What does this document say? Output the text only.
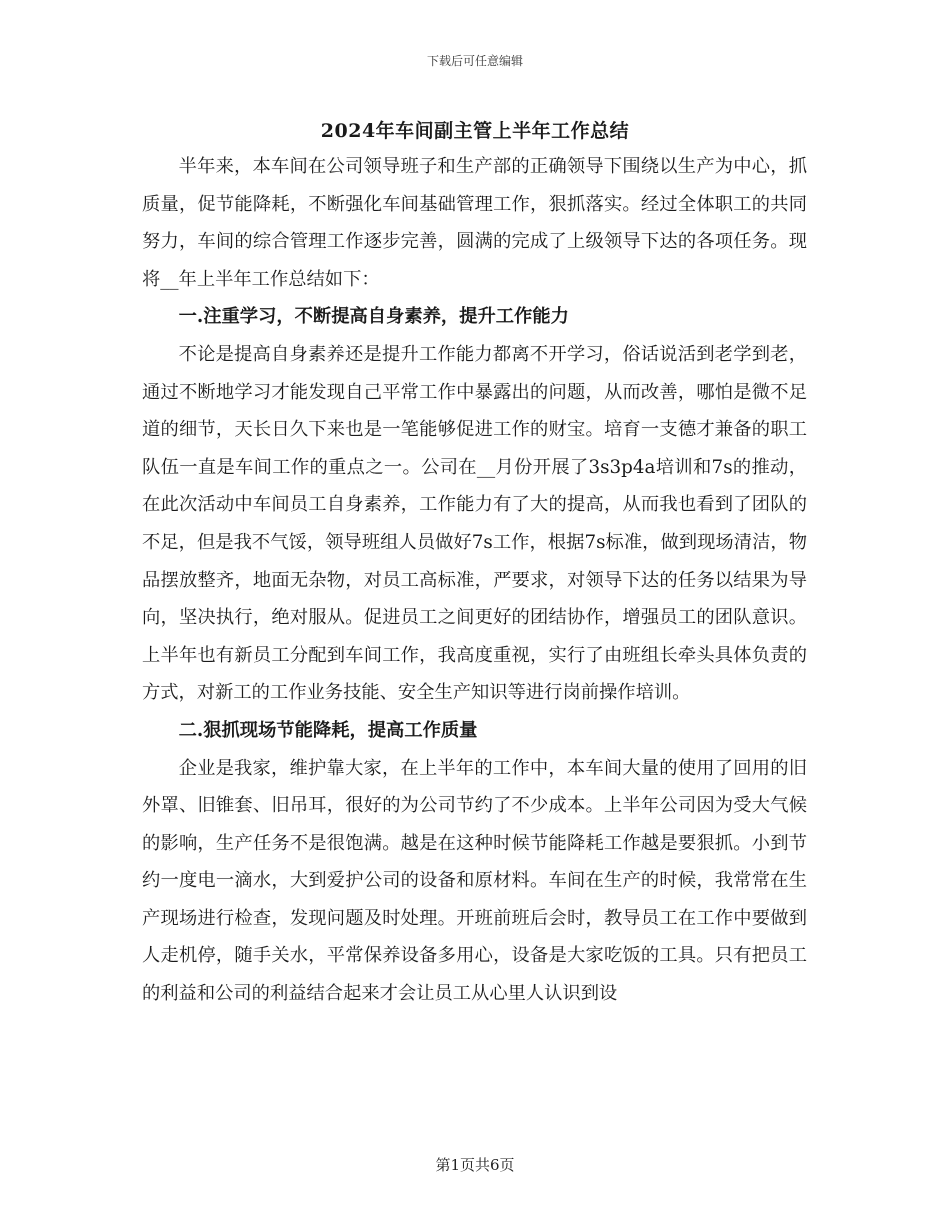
下载后可任意编辑
2024年车间副主管上半年工作总结

半年来，本车间在公司领导班子和生产部的正确领导下围绕以生产为中心，抓质量，促节能降耗，不断强化车间基础管理工作，狠抓落实。经过全体职工的共同努力，车间的综合管理工作逐步完善，圆满的完成了上级领导下达的各项任务。现将__年上半年工作总结如下：

一.注重学习，不断提高自身素养，提升工作能力

不论是提高自身素养还是提升工作能力都离不开学习，俗话说活到老学到老，通过不断地学习才能发现自己平常工作中暴露出的问题，从而改善，哪怕是微不足道的细节，天长日久下来也是一笔能够促进工作的财宝。培育一支德才兼备的职工队伍一直是车间工作的重点之一。公司在__月份开展了3s3p4a培训和7s的推动，在此次活动中车间员工自身素养，工作能力有了大的提高，从而我也看到了团队的不足，但是我不气馁，领导班组人员做好7s工作，根据7s标准，做到现场清洁，物品摆放整齐，地面无杂物，对员工高标准，严要求，对领导下达的任务以结果为导向，坚决执行，绝对服从。促进员工之间更好的团结协作，增强员工的团队意识。上半年也有新员工分配到车间工作，我高度重视，实行了由班组长牵头具体负责的方式，对新工的工作业务技能、安全生产知识等进行岗前操作培训。

二.狠抓现场节能降耗，提高工作质量

企业是我家，维护靠大家，在上半年的工作中，本车间大量的使用了回用的旧外罩、旧锥套、旧吊耳，很好的为公司节约了不少成本。上半年公司因为受大气候的影响，生产任务不是很饱满。越是在这种时候节能降耗工作越是要狠抓。小到节约一度电一滴水，大到爱护公司的设备和原材料。车间在生产的时候，我常常在生产现场进行检查，发现问题及时处理。开班前班后会时，教导员工在工作中要做到人走机停，随手关水，平常保养设备多用心，设备是大家吃饭的工具。只有把员工的利益和公司的利益结合起来才会让员工从心里人认识到设

第1页共6页
